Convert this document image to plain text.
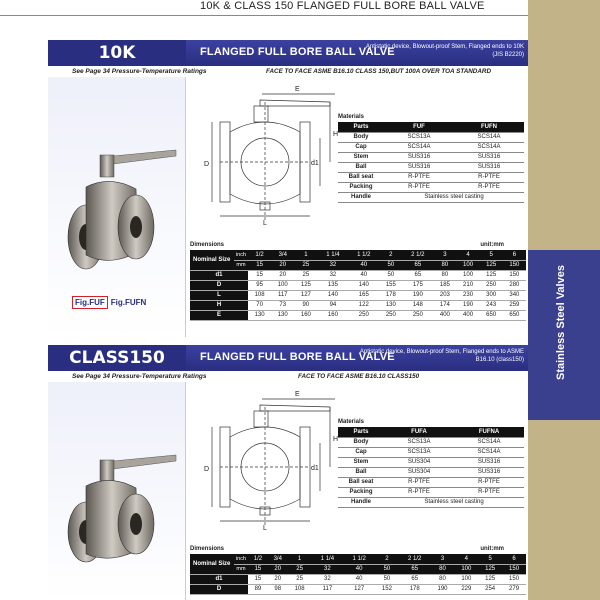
10K & CLASS 150 FLANGED FULL BORE BALL VALVE
Stainless Steel Valves
10K	FLANGED FULL BORE BALL VALVE
Antistatic device, Blowout-proof Stem, Flanged ends to 10K (JIS B2220)
See Page 34 Pressure-Temperature Ratings	FACE TO FACE ASME B16.10 CLASS 150,BUT 100A OVER TOA STANDARD
Fig.FUF Fig.FUFN
E
H
D	d1
L
Materials
Parts	FUF	FUFN
Body	SCS13A	SCS14A
Cap	SCS14A	SCS14A
Stem	SUS316	SUS316
Ball	SUS316	SUS316
Ball seat	R-PTFE	R-PTFE
Packing	R-PTFE	R-PTFE
Handle	Stainless steel casting	
Dimensions	unit:mm
Nominal Size	inch	1/2	3/4	1	1 1/4	1 1/2	2	2 1/2	3	4	5	6
	mm	15	20	25	32	40	50	65	80	100	125	150
d1		15	20	25	32	40	50	65	80	100	125	150
D		95	100	125	135	140	155	175	185	210	250	280
L		108	117	127	140	165	178	190	203	230	300	340
H		70	73	90	94	122	130	148	174	190	243	259
E		130	130	160	160	250	250	250	400	400	650	650
CLASS150	FLANGED FULL BORE BALL VALVE
Antistatic device, Blowout-proof Stem, Flanged ends to ASME B16.10 (class150)
See Page 34 Pressure-Temperature Ratings	FACE TO FACE ASME B16.10 CLASS150
E
H
D	d1
L
Materials
Parts	FUFA	FUFNA
Body	SCS13A	SCS14A
Cap	SCS13A	SCS14A
Stem	SUS304	SUS316
Ball	SUS304	SUS316
Ball seat	R-PTFE	R-PTFE
Packing	R-PTFE	R-PTFE
Handle	Stainless steel casting	
Dimensions	unit:mm
Nominal Size	inch	1/2	3/4	1	1 1/4	1 1/2	2	2 1/2	3	4	5	6
	mm	15	20	25	32	40	50	65	80	100	125	150
d1		15	20	25	32	40	50	65	80	100	125	150
D		89	98	108	117	127	152	178	190	229	254	279
